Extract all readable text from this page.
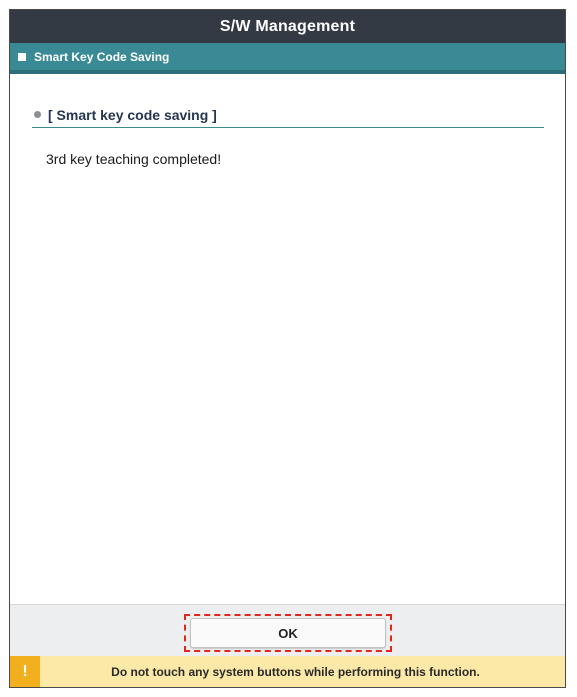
S/W Management
Smart Key Code Saving
[ Smart key code saving ]
3rd key teaching completed!
OK
!	Do not touch any system buttons while performing this function.
